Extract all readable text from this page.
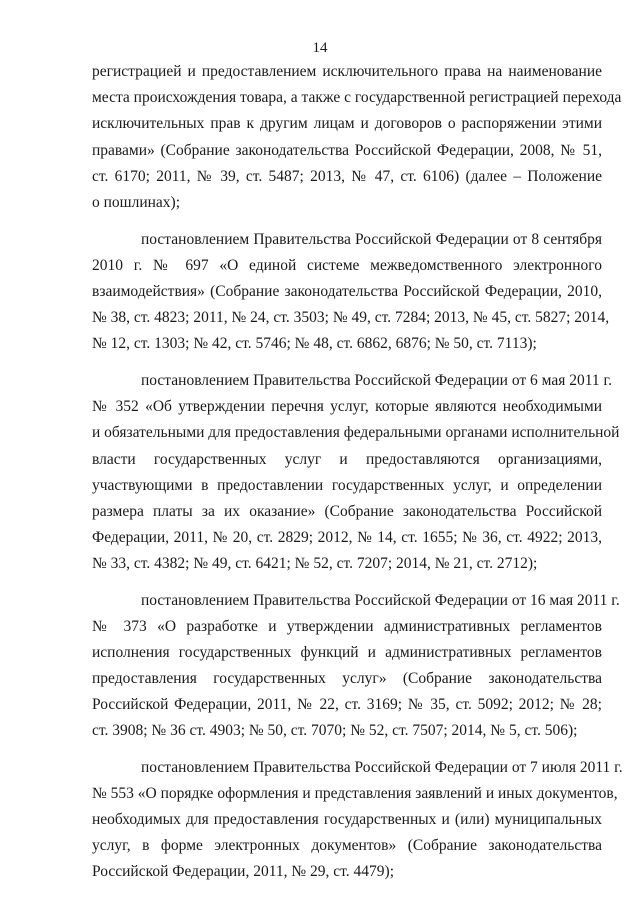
14
регистрацией и предоставлением исключительного права на наименование
места происхождения товара, а также с государственной регистрацией перехода
исключительных прав к другим лицам и договоров о распоряжении этими
правами» (Собрание законодательства Российской Федерации, 2008, № 51,
ст. 6170; 2011, № 39, ст. 5487; 2013, № 47, ст. 6106) (далее – Положение
о пошлинах);
постановлением Правительства Российской Федерации от 8 сентября
2010 г. № 697 «О единой системе межведомственного электронного
взаимодействия» (Собрание законодательства Российской Федерации, 2010,
№ 38, ст. 4823; 2011, № 24, ст. 3503; № 49, ст. 7284; 2013, № 45, ст. 5827; 2014,
№ 12, ст. 1303; № 42, ст. 5746; № 48, ст. 6862, 6876; № 50, ст. 7113);
постановлением Правительства Российской Федерации от 6 мая 2011 г.
№ 352 «Об утверждении перечня услуг, которые являются необходимыми
и обязательными для предоставления федеральными органами исполнительной
власти государственных услуг и предоставляются организациями,
участвующими в предоставлении государственных услуг, и определении
размера платы за их оказание» (Собрание законодательства Российской
Федерации, 2011, № 20, ст. 2829; 2012, № 14, ст. 1655; № 36, ст. 4922; 2013,
№ 33, ст. 4382; № 49, ст. 6421; № 52, ст. 7207; 2014, № 21, ст. 2712);
постановлением Правительства Российской Федерации от 16 мая 2011 г.
№ 373 «О разработке и утверждении административных регламентов
исполнения государственных функций и административных регламентов
предоставления государственных услуг» (Собрание законодательства
Российской Федерации, 2011, № 22, ст. 3169; № 35, ст. 5092; 2012; № 28;
ст. 3908; № 36 ст. 4903; № 50, ст. 7070; № 52, ст. 7507; 2014, № 5, ст. 506);
постановлением Правительства Российской Федерации от 7 июля 2011 г.
№ 553 «О порядке оформления и представления заявлений и иных документов,
необходимых для предоставления государственных и (или) муниципальных
услуг, в форме электронных документов» (Собрание законодательства
Российской Федерации, 2011, № 29, ст. 4479);
